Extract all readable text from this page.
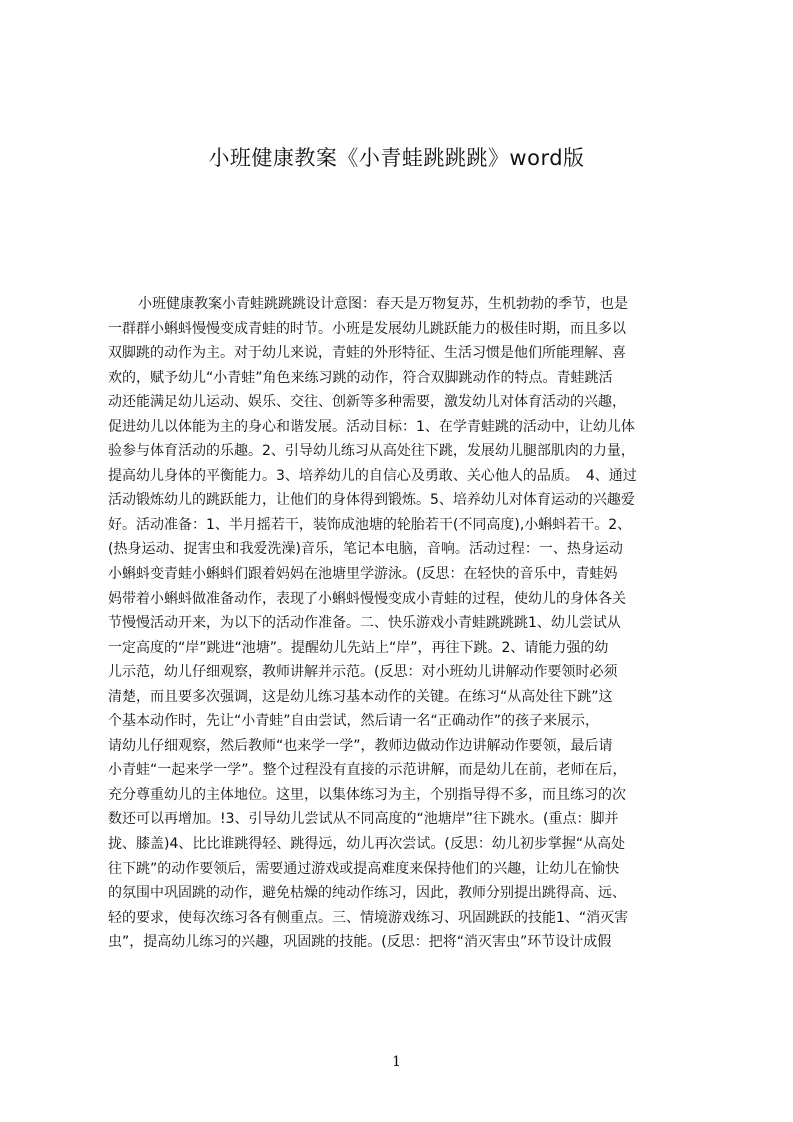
小班健康教案《小青蛙跳跳跳》word版
小班健康教案小青蛙跳跳跳设计意图：春天是万物复苏，生机勃勃的季节，也是
一群群小蝌蚪慢慢变成青蛙的时节。小班是发展幼儿跳跃能力的极佳时期，而且多以
双脚跳的动作为主。对于幼儿来说，青蛙的外形特征、生活习惯是他们所能理解、喜
欢的，赋予幼儿“小青蛙”角色来练习跳的动作，符合双脚跳动作的特点。青蛙跳活
动还能满足幼儿运动、娱乐、交往、创新等多种需要，激发幼儿对体育活动的兴趣，
促进幼儿以体能为主的身心和谐发展。活动目标：1、在学青蛙跳的活动中，让幼儿体
验参与体育活动的乐趣。2、引导幼儿练习从高处往下跳，发展幼儿腿部肌肉的力量，
提高幼儿身体的平衡能力。3、培养幼儿的自信心及勇敢、关心他人的品质。　4、通过
活动锻炼幼儿的跳跃能力，让他们的身体得到锻炼。5、培养幼儿对体育运动的兴趣爱
好。活动准备：1、半月摇若干，装饰成池塘的轮胎若干(不同高度),小蝌蚪若干。2、
(热身运动、捉害虫和我爱洗澡)音乐，笔记本电脑，音响。活动过程：一、热身运动
小蝌蚪变青蛙小蝌蚪们跟着妈妈在池塘里学游泳。(反思：在轻快的音乐中，青蛙妈
妈带着小蝌蚪做准备动作，表现了小蝌蚪慢慢变成小青蛙的过程，使幼儿的身体各关
节慢慢活动开来，为以下的活动作准备。二、快乐游戏小青蛙跳跳跳1、幼儿尝试从
一定高度的“岸”跳进“池塘”。提醒幼儿先站上“岸”，再往下跳。2、请能力强的幼
儿示范，幼儿仔细观察，教师讲解并示范。(反思：对小班幼儿讲解动作要领时必须
清楚，而且要多次强调，这是幼儿练习基本动作的关键。在练习“从高处往下跳”这
个基本动作时，先让“小青蛙”自由尝试，然后请一名“正确动作”的孩子来展示，
请幼儿仔细观察，然后教师“也来学一学”，教师边做动作边讲解动作要领，最后请
小青蛙“一起来学一学”。整个过程没有直接的示范讲解，而是幼儿在前，老师在后，
充分尊重幼儿的主体地位。这里，以集体练习为主，个别指导得不多，而且练习的次
数还可以再增加。!3、引导幼儿尝试从不同高度的“池塘岸”往下跳水。(重点：脚并
拢、膝盖)4、比比谁跳得轻、跳得远，幼儿再次尝试。(反思：幼儿初步掌握“从高处
往下跳”的动作要领后，需要通过游戏或提高难度来保持他们的兴趣，让幼儿在愉快
的氛围中巩固跳的动作，避免枯燥的纯动作练习，因此，教师分别提出跳得高、远、
轻的要求，使每次练习各有侧重点。三、情境游戏练习、巩固跳跃的技能1、“消灭害
虫”，提高幼儿练习的兴趣，巩固跳的技能。(反思：把将“消灭害虫”环节设计成假
1
